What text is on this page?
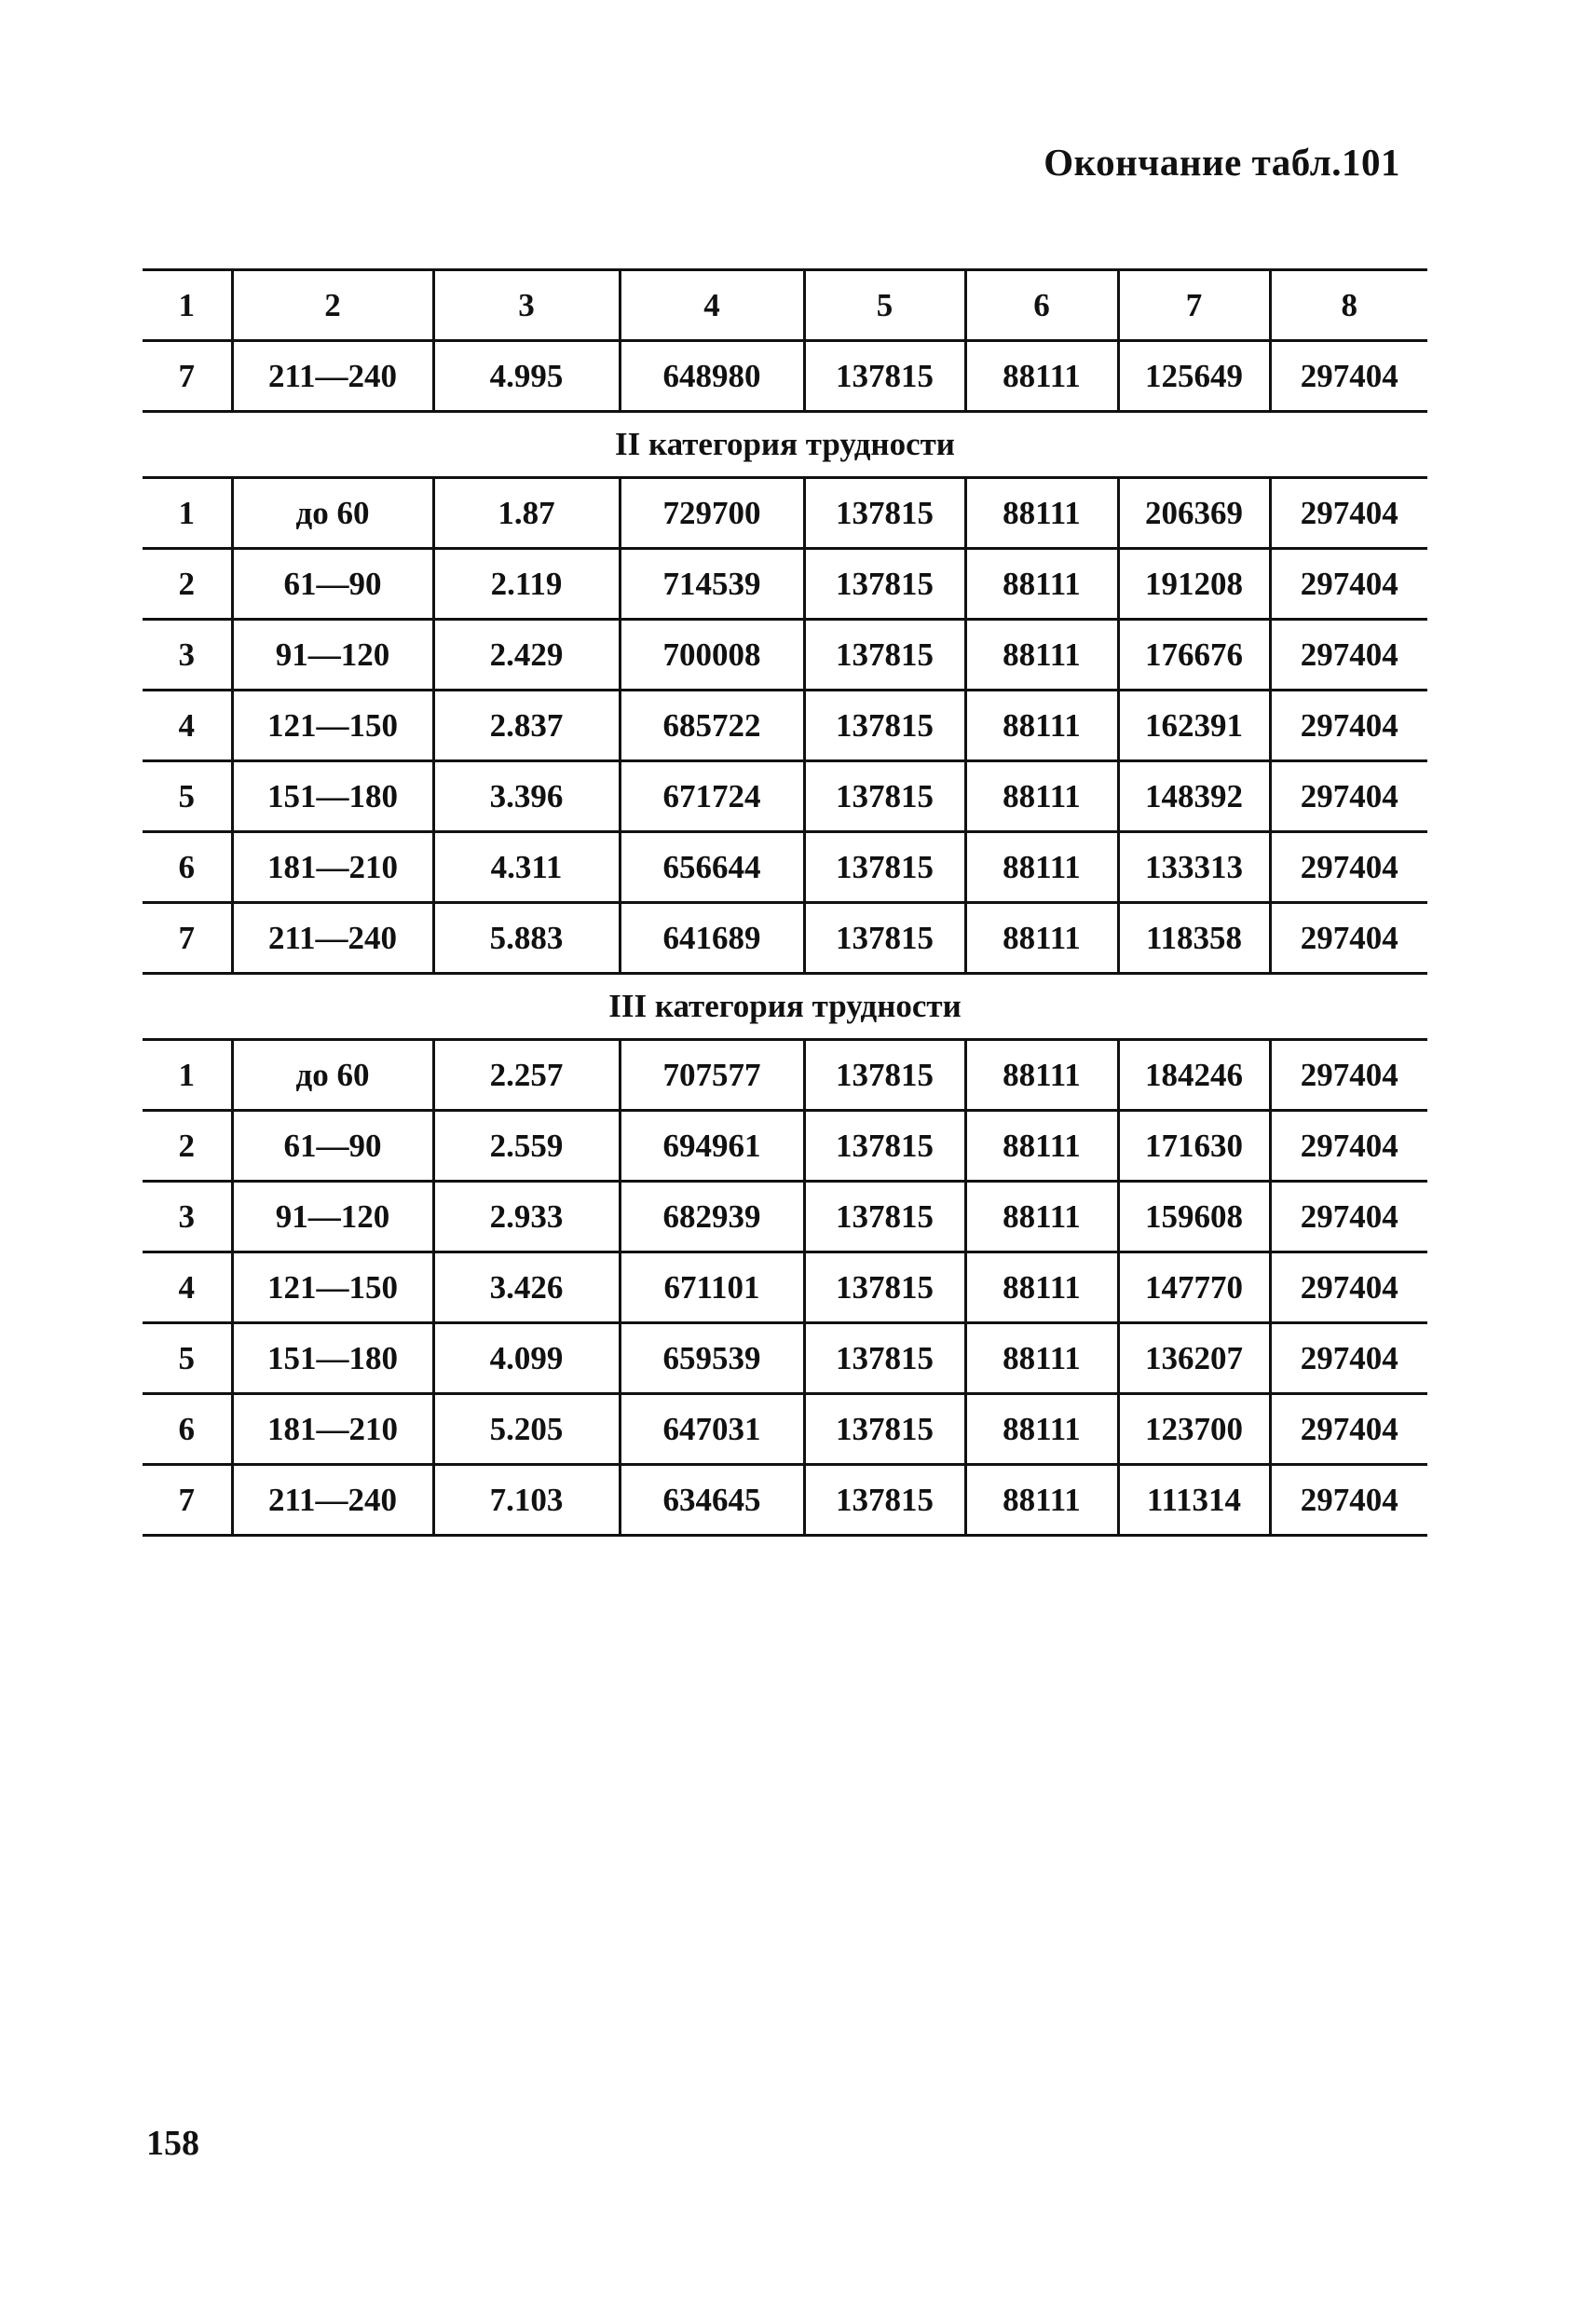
Окончание табл.101
1	2	3	4	5	6	7	8
7	211—240	4.995	648980	137815	88111	125649	297404
II категория трудности							
1	до 60	1.87	729700	137815	88111	206369	297404
2	61—90	2.119	714539	137815	88111	191208	297404
3	91—120	2.429	700008	137815	88111	176676	297404
4	121—150	2.837	685722	137815	88111	162391	297404
5	151—180	3.396	671724	137815	88111	148392	297404
6	181—210	4.311	656644	137815	88111	133313	297404
7	211—240	5.883	641689	137815	88111	118358	297404
III категория трудности							
1	до 60	2.257	707577	137815	88111	184246	297404
2	61—90	2.559	694961	137815	88111	171630	297404
3	91—120	2.933	682939	137815	88111	159608	297404
4	121—150	3.426	671101	137815	88111	147770	297404
5	151—180	4.099	659539	137815	88111	136207	297404
6	181—210	5.205	647031	137815	88111	123700	297404
7	211—240	7.103	634645	137815	88111	111314	297404
158
